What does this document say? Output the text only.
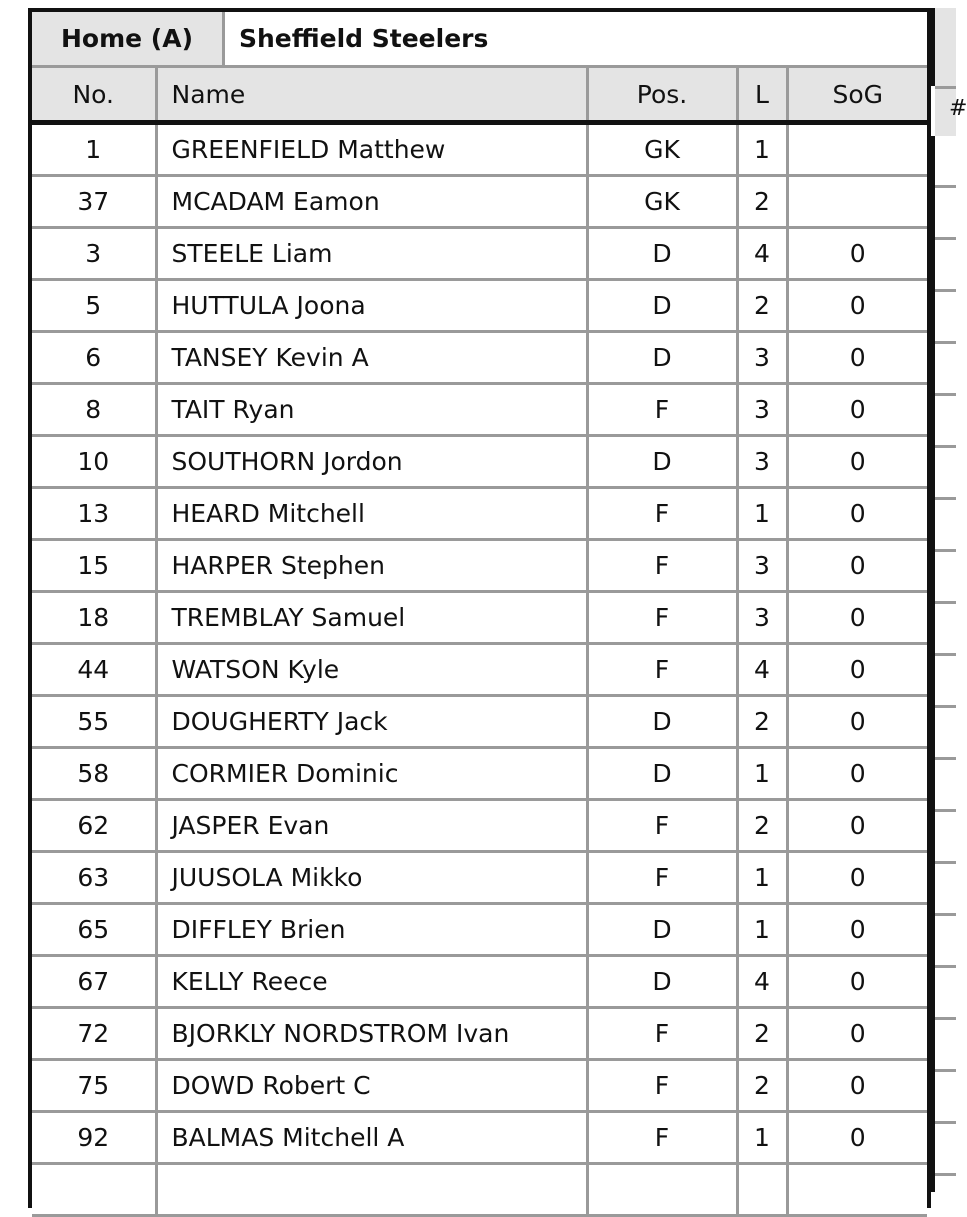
Home (A)	Sheffield Steelers
No.	Name	Pos.	L	SoG
1	GREENFIELD Matthew	GK	1	
37	MCADAM Eamon	GK	2	
3	STEELE Liam	D	4	0
5	HUTTULA Joona	D	2	0
6	TANSEY Kevin A	D	3	0
8	TAIT Ryan	F	3	0
10	SOUTHORN Jordon	D	3	0
13	HEARD Mitchell	F	1	0
15	HARPER Stephen	F	3	0
18	TREMBLAY Samuel	F	3	0
44	WATSON Kyle	F	4	0
55	DOUGHERTY Jack	D	2	0
58	CORMIER Dominic	D	1	0
62	JASPER Evan	F	2	0
63	JUUSOLA Mikko	F	1	0
65	DIFFLEY Brien	D	1	0
67	KELLY Reece	D	4	0
72	BJORKLY NORDSTROM Ivan	F	2	0
75	DOWD Robert C	F	2	0
92	BALMAS Mitchell A	F	1	0

#
